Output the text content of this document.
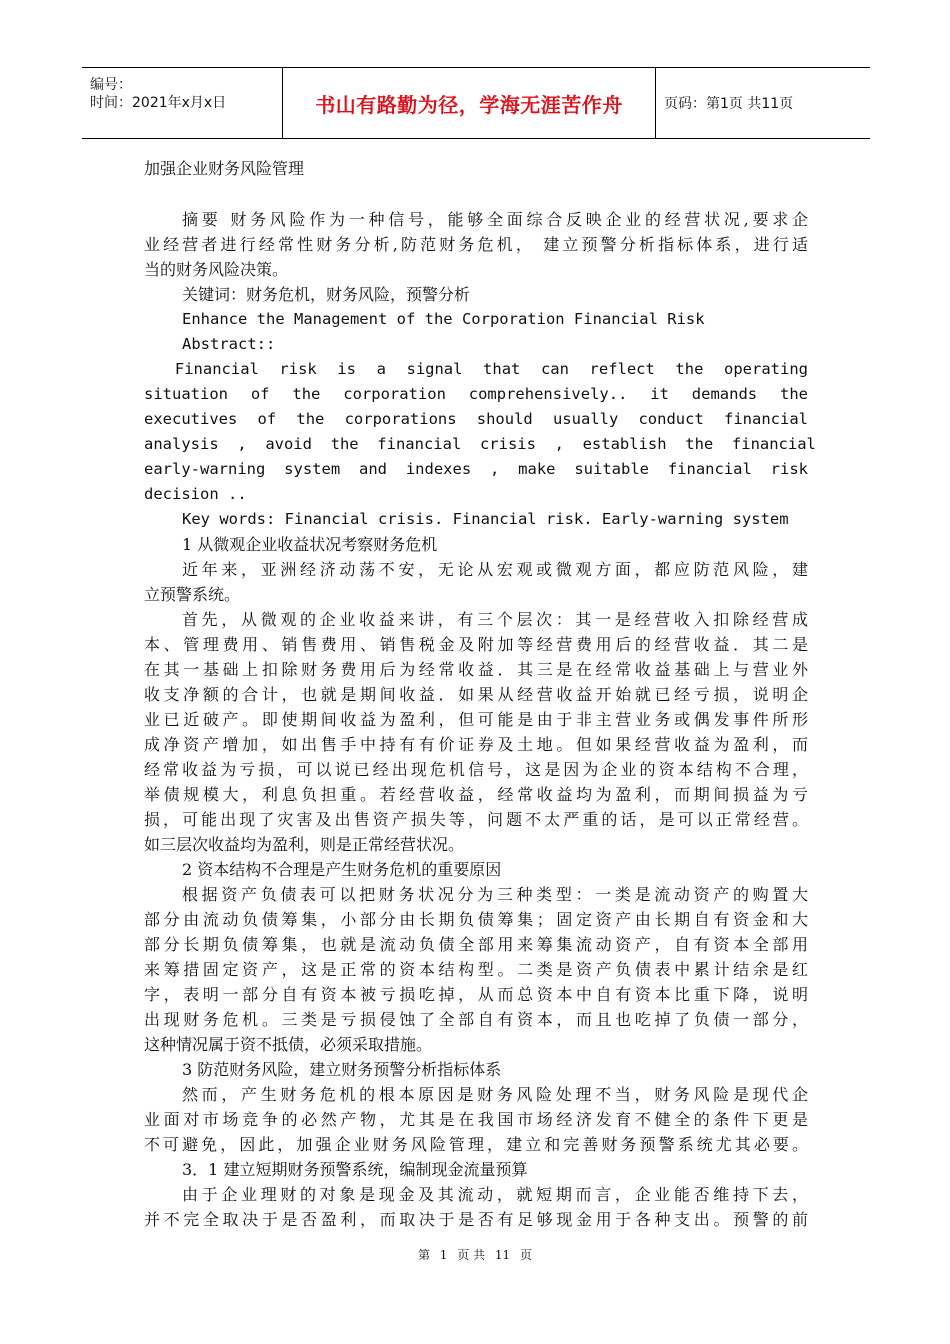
编号：
时间：2021年x月x日	书山有路勤为径，学海无涯苦作舟	页码：第1页 共11页
加强企业财务风险管理
摘要 财务风险作为一种信号，能够全面综合反映企业的经营状况,要求企
业经营者进行经常性财务分析,防范财务危机， 建立预警分析指标体系，进行适
当的财务风险决策。
关键词：财务危机，财务风险，预警分析
Enhance the Management of the Corporation Financial Risk
Abstract::
Financial  risk  is  a  signal  that  can  reflect  the  operating
situation  of  the  corporation  comprehensively..  it  demands  the
executives  of  the  corporations  should  usually  conduct  financial
analysis  ,  avoid  the  financial  crisis  ,  establish  the  financial
early-warning  system  and  indexes  ,  make  suitable  financial  risk
decision ..
Key words: Financial crisis. Financial risk. Early-warning system
1 从微观企业收益状况考察财务危机
近年来，亚洲经济动荡不安，无论从宏观或微观方面，都应防范风险，建
立预警系统。
首先，从微观的企业收益来讲，有三个层次：其一是经营收入扣除经营成
本、管理费用、销售费用、销售税金及附加等经营费用后的经营收益．其二是
在其一基础上扣除财务费用后为经常收益．其三是在经常收益基础上与营业外
收支净额的合计，也就是期间收益．如果从经营收益开始就已经亏损，说明企
业已近破产。即使期间收益为盈利，但可能是由于非主营业务或偶发事件所形
成净资产增加，如出售手中持有有价证券及土地。但如果经营收益为盈利，而
经常收益为亏损，可以说已经出现危机信号，这是因为企业的资本结构不合理，
举债规模大，利息负担重。若经营收益，经常收益均为盈利，而期间损益为亏
损，可能出现了灾害及出售资产损失等，问题不太严重的话，是可以正常经营。
如三层次收益均为盈利，则是正常经营状况。
2 资本结构不合理是产生财务危机的重要原因
根据资产负债表可以把财务状况分为三种类型：一类是流动资产的购置大
部分由流动负债筹集，小部分由长期负债筹集；固定资产由长期自有资金和大
部分长期负债筹集，也就是流动负债全部用来筹集流动资产，自有资本全部用
来筹措固定资产，这是正常的资本结构型。二类是资产负债表中累计结余是红
字，表明一部分自有资本被亏损吃掉，从而总资本中自有资本比重下降，说明
出现财务危机。三类是亏损侵蚀了全部自有资本，而且也吃掉了负债一部分，
这种情况属于资不抵债，必须采取措施。
3 防范财务风险，建立财务预警分析指标体系
然而，产生财务危机的根本原因是财务风险处理不当，财务风险是现代企
业面对市场竞争的必然产物，尤其是在我国市场经济发育不健全的条件下更是
不可避免，因此，加强企业财务风险管理，建立和完善财务预警系统尤其必要。
3．1 建立短期财务预警系统，编制现金流量预算
由于企业理财的对象是现金及其流动，就短期而言，企业能否维持下去，
并不完全取决于是否盈利，而取决于是否有足够现金用于各种支出。预警的前
第 1 页 共 11 页
